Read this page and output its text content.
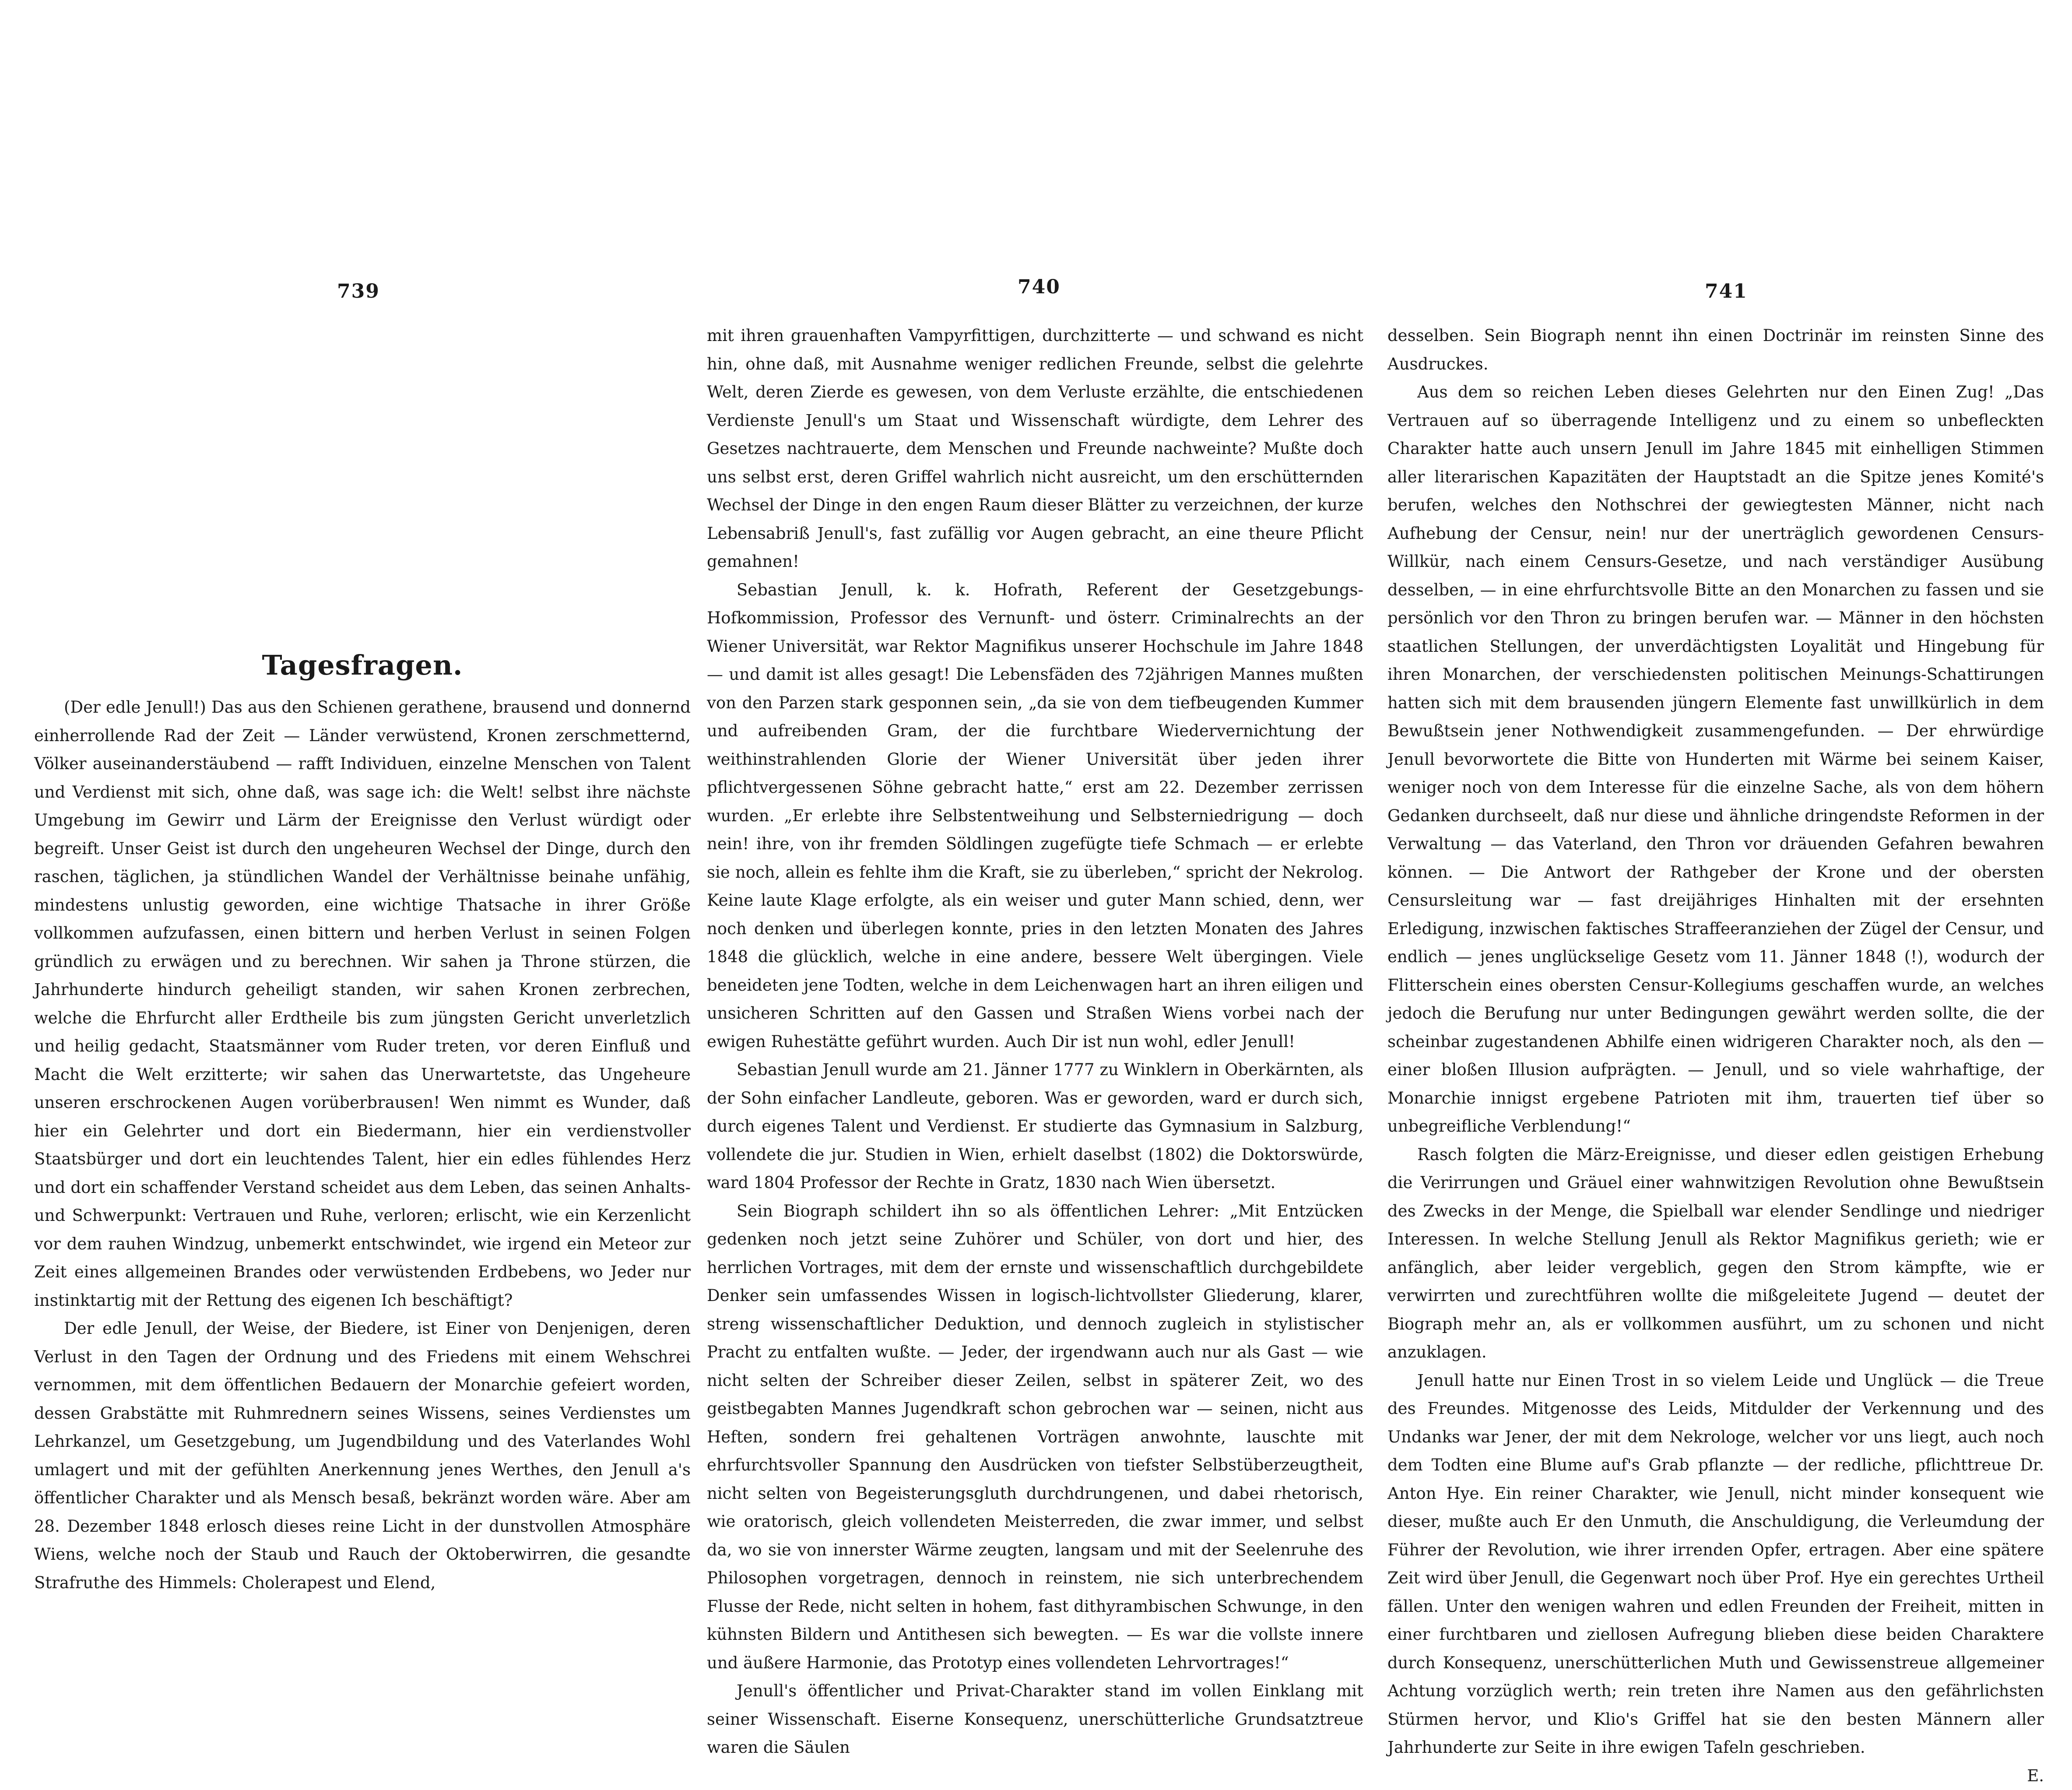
739	740	741
Tagesfragen.

(Der edle Jenull!) Das aus den Schienen gerathene, brausend und donnernd einherrollende Rad der Zeit — Länder verwüstend, Kronen zerschmetternd, Völker auseinanderstäubend — rafft Individuen, einzelne Menschen von Talent und Verdienst mit sich, ohne daß, was sage ich: die Welt! selbst ihre nächste Umgebung im Gewirr und Lärm der Ereignisse den Verlust würdigt oder begreift. Unser Geist ist durch den ungeheuren Wechsel der Dinge, durch den raschen, täglichen, ja stündlichen Wandel der Verhältnisse beinahe unfähig, mindestens unlustig geworden, eine wichtige Thatsache in ihrer Größe vollkommen aufzufassen, einen bittern und herben Verlust in seinen Folgen gründlich zu erwägen und zu berechnen. Wir sahen ja Throne stürzen, die Jahrhunderte hindurch geheiligt standen, wir sahen Kronen zerbrechen, welche die Ehrfurcht aller Erdtheile bis zum jüngsten Gericht unverletzlich und heilig gedacht, Staatsmänner vom Ruder treten, vor deren Einfluß und Macht die Welt erzitterte; wir sahen das Unerwartetste, das Ungeheure unseren erschrockenen Augen vorüberbrausen! Wen nimmt es Wunder, daß hier ein Gelehrter und dort ein Biedermann, hier ein verdienstvoller Staatsbürger und dort ein leuchtendes Talent, hier ein edles fühlendes Herz und dort ein schaffender Verstand scheidet aus dem Leben, das seinen Anhalts- und Schwerpunkt: Vertrauen und Ruhe, verloren; erlischt, wie ein Kerzenlicht vor dem rauhen Windzug, unbemerkt entschwindet, wie irgend ein Meteor zur Zeit eines allgemeinen Brandes oder verwüstenden Erdbebens, wo Jeder nur instinktartig mit der Rettung des eigenen Ich beschäftigt?

Der edle Jenull, der Weise, der Biedere, ist Einer von Denjenigen, deren Verlust in den Tagen der Ordnung und des Friedens mit einem Wehschrei vernommen, mit dem öffentlichen Bedauern der Monarchie gefeiert worden, dessen Grabstätte mit Ruhmrednern seines Wissens, seines Verdienstes um Lehrkanzel, um Gesetzgebung, um Jugendbildung und des Vaterlandes Wohl umlagert und mit der gefühlten Anerkennung jenes Werthes, den Jenull a's öffentlicher Charakter und als Mensch besaß, bekränzt worden wäre. Aber am 28. Dezember 1848 erlosch dieses reine Licht in der dunstvollen Atmosphäre Wiens, welche noch der Staub und Rauch der Oktoberwirren, die gesandte Strafruthe des Himmels: Cholerapest und Elend,

mit ihren grauenhaften Vampyrfittigen, durchzitterte — und schwand es nicht hin, ohne daß, mit Ausnahme weniger redlichen Freunde, selbst die gelehrte Welt, deren Zierde es gewesen, von dem Verluste erzählte, die entschiedenen Verdienste Jenull's um Staat und Wissenschaft würdigte, dem Lehrer des Gesetzes nachtrauerte, dem Menschen und Freunde nachweinte? Mußte doch uns selbst erst, deren Griffel wahrlich nicht ausreicht, um den erschütternden Wechsel der Dinge in den engen Raum dieser Blätter zu verzeichnen, der kurze Lebensabriß Jenull's, fast zufällig vor Augen gebracht, an eine theure Pflicht gemahnen!

Sebastian Jenull, k. k. Hofrath, Referent der Gesetzgebungs-Hofkommission, Professor des Vernunft- und österr. Criminalrechts an der Wiener Universität, war Rektor Magnifikus unserer Hochschule im Jahre 1848 — und damit ist alles gesagt! Die Lebensfäden des 72jährigen Mannes mußten von den Parzen stark gesponnen sein, „da sie von dem tiefbeugenden Kummer und aufreibenden Gram, der die furchtbare Wiedervernichtung der weithinstrahlenden Glorie der Wiener Universität über jeden ihrer pflichtvergessenen Söhne gebracht hatte,“ erst am 22. Dezember zerrissen wurden. „Er erlebte ihre Selbstentweihung und Selbsterniedrigung — doch nein! ihre, von ihr fremden Söldlingen zugefügte tiefe Schmach — er erlebte sie noch, allein es fehlte ihm die Kraft, sie zu überleben,“ spricht der Nekrolog. Keine laute Klage erfolgte, als ein weiser und guter Mann schied, denn, wer noch denken und überlegen konnte, pries in den letzten Monaten des Jahres 1848 die glücklich, welche in eine andere, bessere Welt übergingen. Viele beneideten jene Todten, welche in dem Leichenwagen hart an ihren eiligen und unsicheren Schritten auf den Gassen und Straßen Wiens vorbei nach der ewigen Ruhestätte geführt wurden. Auch Dir ist nun wohl, edler Jenull!

Sebastian Jenull wurde am 21. Jänner 1777 zu Winklern in Oberkärnten, als der Sohn einfacher Landleute, geboren. Was er geworden, ward er durch sich, durch eigenes Talent und Verdienst. Er studierte das Gymnasium in Salzburg, vollendete die jur. Studien in Wien, erhielt daselbst (1802) die Doktorswürde, ward 1804 Professor der Rechte in Gratz, 1830 nach Wien übersetzt.

Sein Biograph schildert ihn so als öffentlichen Lehrer: „Mit Entzücken gedenken noch jetzt seine Zuhörer und Schüler, von dort und hier, des herrlichen Vortrages, mit dem der ernste und wissenschaftlich durchgebildete Denker sein umfassendes Wissen in logisch-lichtvollster Gliederung, klarer, streng wissenschaftlicher Deduktion, und dennoch zugleich in stylistischer Pracht zu entfalten wußte. — Jeder, der irgendwann auch nur als Gast — wie nicht selten der Schreiber dieser Zeilen, selbst in späterer Zeit, wo des geistbegabten Mannes Jugendkraft schon gebrochen war — seinen, nicht aus Heften, sondern frei gehaltenen Vorträgen anwohnte, lauschte mit ehrfurchtsvoller Spannung den Ausdrücken von tiefster Selbstüberzeugtheit, nicht selten von Begeisterungsgluth durchdrungenen, und dabei rhetorisch, wie oratorisch, gleich vollendeten Meisterreden, die zwar immer, und selbst da, wo sie von innerster Wärme zeugten, langsam und mit der Seelenruhe des Philosophen vorgetragen, dennoch in reinstem, nie sich unterbrechendem Flusse der Rede, nicht selten in hohem, fast dithyrambischen Schwunge, in den kühnsten Bildern und Antithesen sich bewegten. — Es war die vollste innere und äußere Harmonie, das Prototyp eines vollendeten Lehrvortrages!“

Jenull's öffentlicher und Privat-Charakter stand im vollen Einklang mit seiner Wissenschaft. Eiserne Konsequenz, unerschütterliche Grundsatztreue waren die Säulen

desselben. Sein Biograph nennt ihn einen Doctrinär im reinsten Sinne des Ausdruckes.

Aus dem so reichen Leben dieses Gelehrten nur den Einen Zug! „Das Vertrauen auf so überragende Intelligenz und zu einem so unbefleckten Charakter hatte auch unsern Jenull im Jahre 1845 mit einhelligen Stimmen aller literarischen Kapazitäten der Hauptstadt an die Spitze jenes Komité's berufen, welches den Nothschrei der gewiegtesten Männer, nicht nach Aufhebung der Censur, nein! nur der unerträglich gewordenen Censurs-Willkür, nach einem Censurs-Gesetze, und nach verständiger Ausübung desselben, — in eine ehrfurchtsvolle Bitte an den Monarchen zu fassen und sie persönlich vor den Thron zu bringen berufen war. — Männer in den höchsten staatlichen Stellungen, der unverdächtigsten Loyalität und Hingebung für ihren Monarchen, der verschiedensten politischen Meinungs-Schattirungen hatten sich mit dem brausenden jüngern Elemente fast unwillkürlich in dem Bewußtsein jener Nothwendigkeit zusammengefunden. — Der ehrwürdige Jenull bevorwortete die Bitte von Hunderten mit Wärme bei seinem Kaiser, weniger noch von dem Interesse für die einzelne Sache, als von dem höhern Gedanken durchseelt, daß nur diese und ähnliche dringendste Reformen in der Verwaltung — das Vaterland, den Thron vor dräuenden Gefahren bewahren können. — Die Antwort der Rathgeber der Krone und der obersten Censursleitung war — fast dreijähriges Hinhalten mit der ersehnten Erledigung, inzwischen faktisches Straffeeranziehen der Zügel der Censur, und endlich — jenes unglückselige Gesetz vom 11. Jänner 1848 (!), wodurch der Flitterschein eines obersten Censur-Kollegiums geschaffen wurde, an welches jedoch die Berufung nur unter Bedingungen gewährt werden sollte, die der scheinbar zugestandenen Abhilfe einen widrigeren Charakter noch, als den — einer bloßen Illusion aufprägten. — Jenull, und so viele wahrhaftige, der Monarchie innigst ergebene Patrioten mit ihm, trauerten tief über so unbegreifliche Verblendung!“

Rasch folgten die März-Ereignisse, und dieser edlen geistigen Erhebung die Verirrungen und Gräuel einer wahnwitzigen Revolution ohne Bewußtsein des Zwecks in der Menge, die Spielball war elender Sendlinge und niedriger Interessen. In welche Stellung Jenull als Rektor Magnifikus gerieth; wie er anfänglich, aber leider vergeblich, gegen den Strom kämpfte, wie er verwirrten und zurechtführen wollte die mißgeleitete Jugend — deutet der Biograph mehr an, als er vollkommen ausführt, um zu schonen und nicht anzuklagen.

Jenull hatte nur Einen Trost in so vielem Leide und Unglück — die Treue des Freundes. Mitgenosse des Leids, Mitdulder der Verkennung und des Undanks war Jener, der mit dem Nekrologe, welcher vor uns liegt, auch noch dem Todten eine Blume auf's Grab pflanzte — der redliche, pflichttreue Dr. Anton Hye. Ein reiner Charakter, wie Jenull, nicht minder konsequent wie dieser, mußte auch Er den Unmuth, die Anschuldigung, die Verleumdung der Führer der Revolution, wie ihrer irrenden Opfer, ertragen. Aber eine spätere Zeit wird über Jenull, die Gegenwart noch über Prof. Hye ein gerechtes Urtheil fällen. Unter den wenigen wahren und edlen Freunden der Freiheit, mitten in einer furchtbaren und ziellosen Aufregung blieben diese beiden Charaktere durch Konsequenz, unerschütterlichen Muth und Gewissenstreue allgemeiner Achtung vorzüglich werth; rein treten ihre Namen aus den gefährlichsten Stürmen hervor, und Klio's Griffel hat sie den besten Männern aller Jahrhunderte zur Seite in ihre ewigen Tafeln geschrieben.

E.
